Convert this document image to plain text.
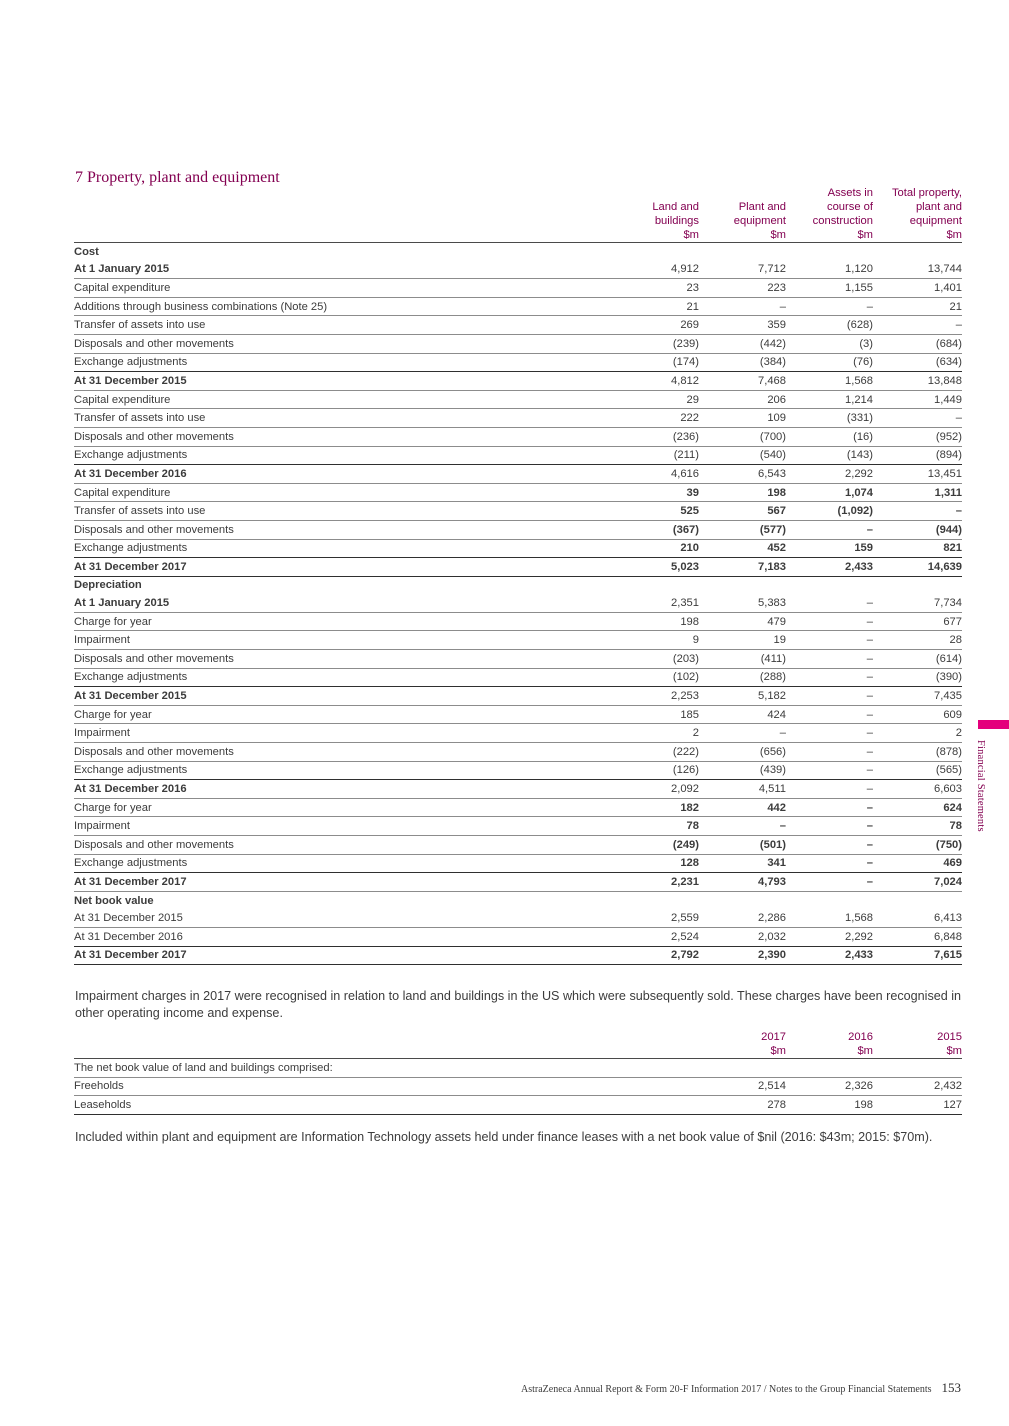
7 Property, plant and equipment
	Land and
buildings
$m	Plant and
equipment
$m	Assets in
course of
construction
$m	Total property,
plant and
equipment
$m
Cost				
At 1 January 2015	4,912	7,712	1,120	13,744
Capital expenditure	23	223	1,155	1,401
Additions through business combinations (Note 25)	21	–	–	21
Transfer of assets into use	269	359	(628)	–
Disposals and other movements	(239)	(442)	(3)	(684)
Exchange adjustments	(174)	(384)	(76)	(634)
At 31 December 2015	4,812	7,468	1,568	13,848
Capital expenditure	29	206	1,214	1,449
Transfer of assets into use	222	109	(331)	–
Disposals and other movements	(236)	(700)	(16)	(952)
Exchange adjustments	(211)	(540)	(143)	(894)
At 31 December 2016	4,616	6,543	2,292	13,451
Capital expenditure	39	198	1,074	1,311
Transfer of assets into use	525	567	(1,092)	–
Disposals and other movements	(367)	(577)	–	(944)
Exchange adjustments	210	452	159	821
At 31 December 2017	5,023	7,183	2,433	14,639
Depreciation				
At 1 January 2015	2,351	5,383	–	7,734
Charge for year	198	479	–	677
Impairment	9	19	–	28
Disposals and other movements	(203)	(411)	–	(614)
Exchange adjustments	(102)	(288)	–	(390)
At 31 December 2015	2,253	5,182	–	7,435
Charge for year	185	424	–	609
Impairment	2	–	–	2
Disposals and other movements	(222)	(656)	–	(878)
Exchange adjustments	(126)	(439)	–	(565)
At 31 December 2016	2,092	4,511	–	6,603
Charge for year	182	442	–	624
Impairment	78	–	–	78
Disposals and other movements	(249)	(501)	–	(750)
Exchange adjustments	128	341	–	469
At 31 December 2017	2,231	4,793	–	7,024
Net book value				
At 31 December 2015	2,559	2,286	1,568	6,413
At 31 December 2016	2,524	2,032	2,292	6,848
At 31 December 2017	2,792	2,390	2,433	7,615

Impairment charges in 2017 were recognised in relation to land and buildings in the US which were subsequently sold. These charges have been recognised in other operating income and expense.

	2017
$m	2016
$m	2015
$m
The net book value of land and buildings comprised:			
Freeholds	2,514	2,326	2,432
Leaseholds	278	198	127

Included within plant and equipment are Information Technology assets held under finance leases with a net book value of $nil (2016: $43m; 2015: $70m).

Financial Statements
AstraZeneca Annual Report & Form 20-F Information 2017 / Notes to the Group Financial Statements 153
